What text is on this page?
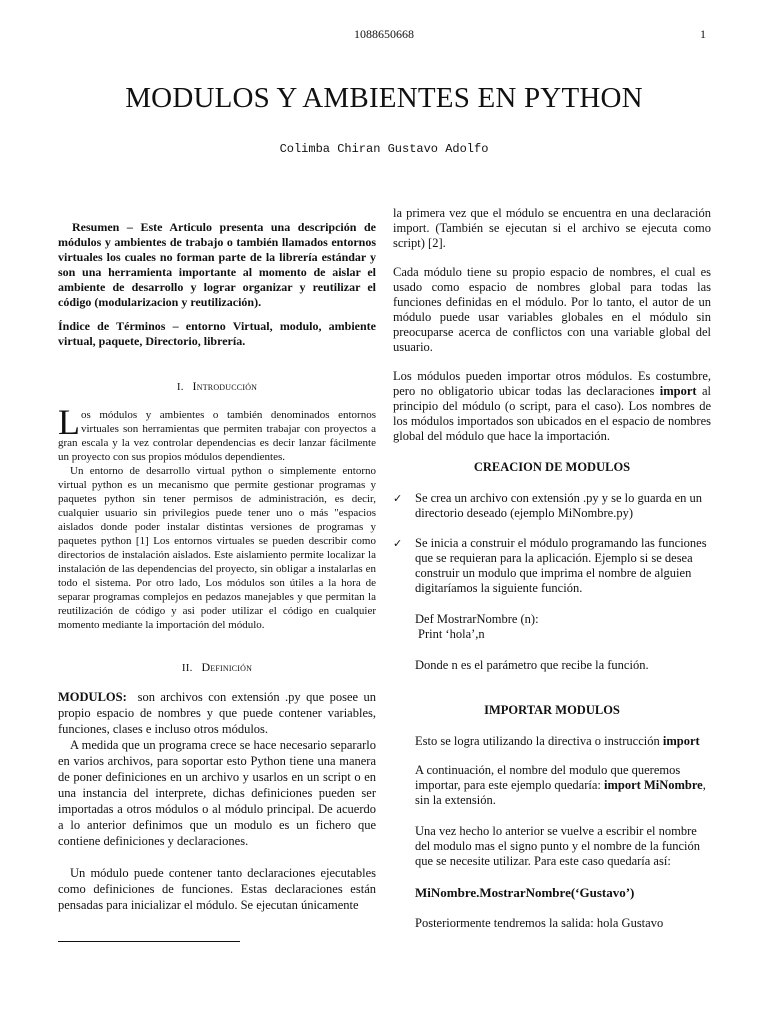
1088650668	1
MODULOS Y AMBIENTES EN PYTHON
Colimba Chiran Gustavo Adolfo

Resumen – Este Articulo presenta una descripción de módulos y ambientes de trabajo o también llamados entornos virtuales los cuales no forman parte de la librería estándar y son una herramienta importante al momento de aislar el ambiente de desarrollo y lograr organizar y reutilizar el código (modularizacion y reutilización).

Índice de Términos – entorno Virtual, modulo, ambiente virtual, paquete, Directorio, librería.

I. Introducción

Los módulos y ambientes o también denominados entornos virtuales son herramientas que permiten trabajar con proyectos a gran escala y la vez controlar dependencias es decir lanzar fácilmente un proyecto con sus propios módulos dependientes.

Un entorno de desarrollo virtual python o simplemente entorno virtual python es un mecanismo que permite gestionar programas y paquetes python sin tener permisos de administración, es decir, cualquier usuario sin privilegios puede tener uno o más "espacios aislados donde poder instalar distintas versiones de programas y paquetes python [1] Los entornos virtuales se pueden describir como directorios de instalación aislados. Este aislamiento permite localizar la instalación de las dependencias del proyecto, sin obligar a instalarlas en todo el sistema. Por otro lado, Los módulos son útiles a la hora de separar programas complejos en pedazos manejables y que permitan la reutilización de código y asi poder utilizar el código en cualquier momento mediante la importación del módulo.

II. Definición

MODULOS: son archivos con extensión .py que posee un propio espacio de nombres y que puede contener variables, funciones, clases e incluso otros módulos.

A medida que un programa crece se hace necesario separarlo en varios archivos, para soportar esto Python tiene una manera de poner definiciones en un archivo y usarlos en un script o en una instancia del interprete, dichas definiciones pueden ser importadas a otros módulos o al módulo principal. De acuerdo a lo anterior definimos que un modulo es un fichero que contiene definiciones y declaraciones.

Un módulo puede contener tanto declaraciones ejecutables como definiciones de funciones. Estas declaraciones están pensadas para inicializar el módulo. Se ejecutan únicamente

la primera vez que el módulo se encuentra en una declaración import. (También se ejecutan si el archivo se ejecuta como script) [2].

Cada módulo tiene su propio espacio de nombres, el cual es usado como espacio de nombres global para todas las funciones definidas en el módulo. Por lo tanto, el autor de un módulo puede usar variables globales en el módulo sin preocuparse acerca de conflictos con una variable global del usuario.

Los módulos pueden importar otros módulos. Es costumbre, pero no obligatorio ubicar todas las declaraciones import al principio del módulo (o script, para el caso). Los nombres de los módulos importados son ubicados en el espacio de nombres global del módulo que hace la importación.

CREACION DE MODULOS

✓ Se crea un archivo con extensión .py y se lo guarda en un directorio deseado (ejemplo MiNombre.py)

✓ Se inicia a construir el módulo programando las funciones que se requieran para la aplicación. Ejemplo si se desea construir un modulo que imprima el nombre de alguien digitaríamos la siguiente función.

Def MostrarNombre (n):

Print ‘hola’,n

Donde n es el parámetro que recibe la función.

IMPORTAR MODULOS

Esto se logra utilizando la directiva o instrucción import

A continuación, el nombre del modulo que queremos importar, para este ejemplo quedaría: import MiNombre, sin la extensión.

Una vez hecho lo anterior se vuelve a escribir el nombre del modulo mas el signo punto y el nombre de la función que se necesite utilizar. Para este caso quedaría así:

MiNombre.MostrarNombre(‘Gustavo’)

Posteriormente tendremos la salida: hola Gustavo
